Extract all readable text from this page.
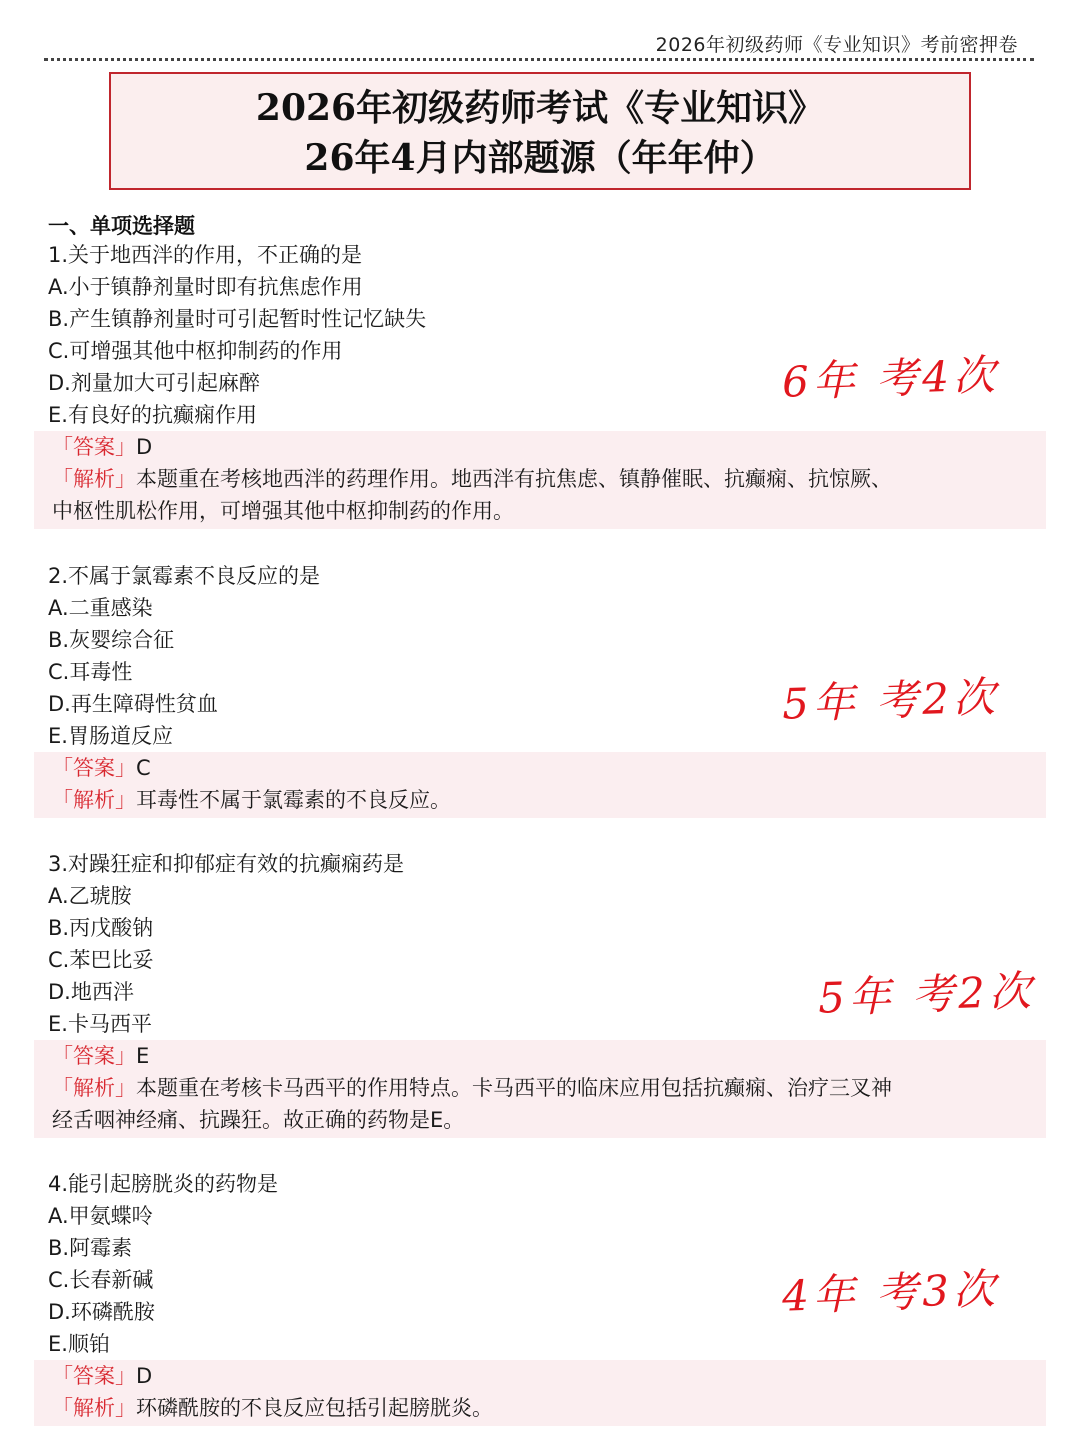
2026年初级药师《专业知识》考前密押卷
2026年初级药师考试《专业知识》
26年4月内部题源（年年仲）
一、单项选择题
1.关于地西泮的作用，不正确的是
A.小于镇静剂量时即有抗焦虑作用
B.产生镇静剂量时可引起暂时性记忆缺失
C.可增强其他中枢抑制药的作用
D.剂量加大可引起麻醉
E.有良好的抗癫痫作用
「答案」D
「解析」本题重在考核地西泮的药理作用。地西泮有抗焦虑、镇静催眠、抗癫痫、抗惊厥、
中枢性肌松作用，可增强其他中枢抑制药的作用。
2.不属于氯霉素不良反应的是
A.二重感染
B.灰婴综合征
C.耳毒性
D.再生障碍性贫血
E.胃肠道反应
「答案」C
「解析」耳毒性不属于氯霉素的不良反应。
3.对躁狂症和抑郁症有效的抗癫痫药是
A.乙琥胺
B.丙戊酸钠
C.苯巴比妥
D.地西泮
E.卡马西平
「答案」E
「解析」本题重在考核卡马西平的作用特点。卡马西平的临床应用包括抗癫痫、治疗三叉神
经舌咽神经痛、抗躁狂。故正确的药物是E。
4.能引起膀胱炎的药物是
A.甲氨蝶呤
B.阿霉素
C.长春新碱
D.环磷酰胺
E.顺铂
「答案」D
「解析」环磷酰胺的不良反应包括引起膀胱炎。
6年 考4次
5年 考2次
5年 考2次
4年 考3次
